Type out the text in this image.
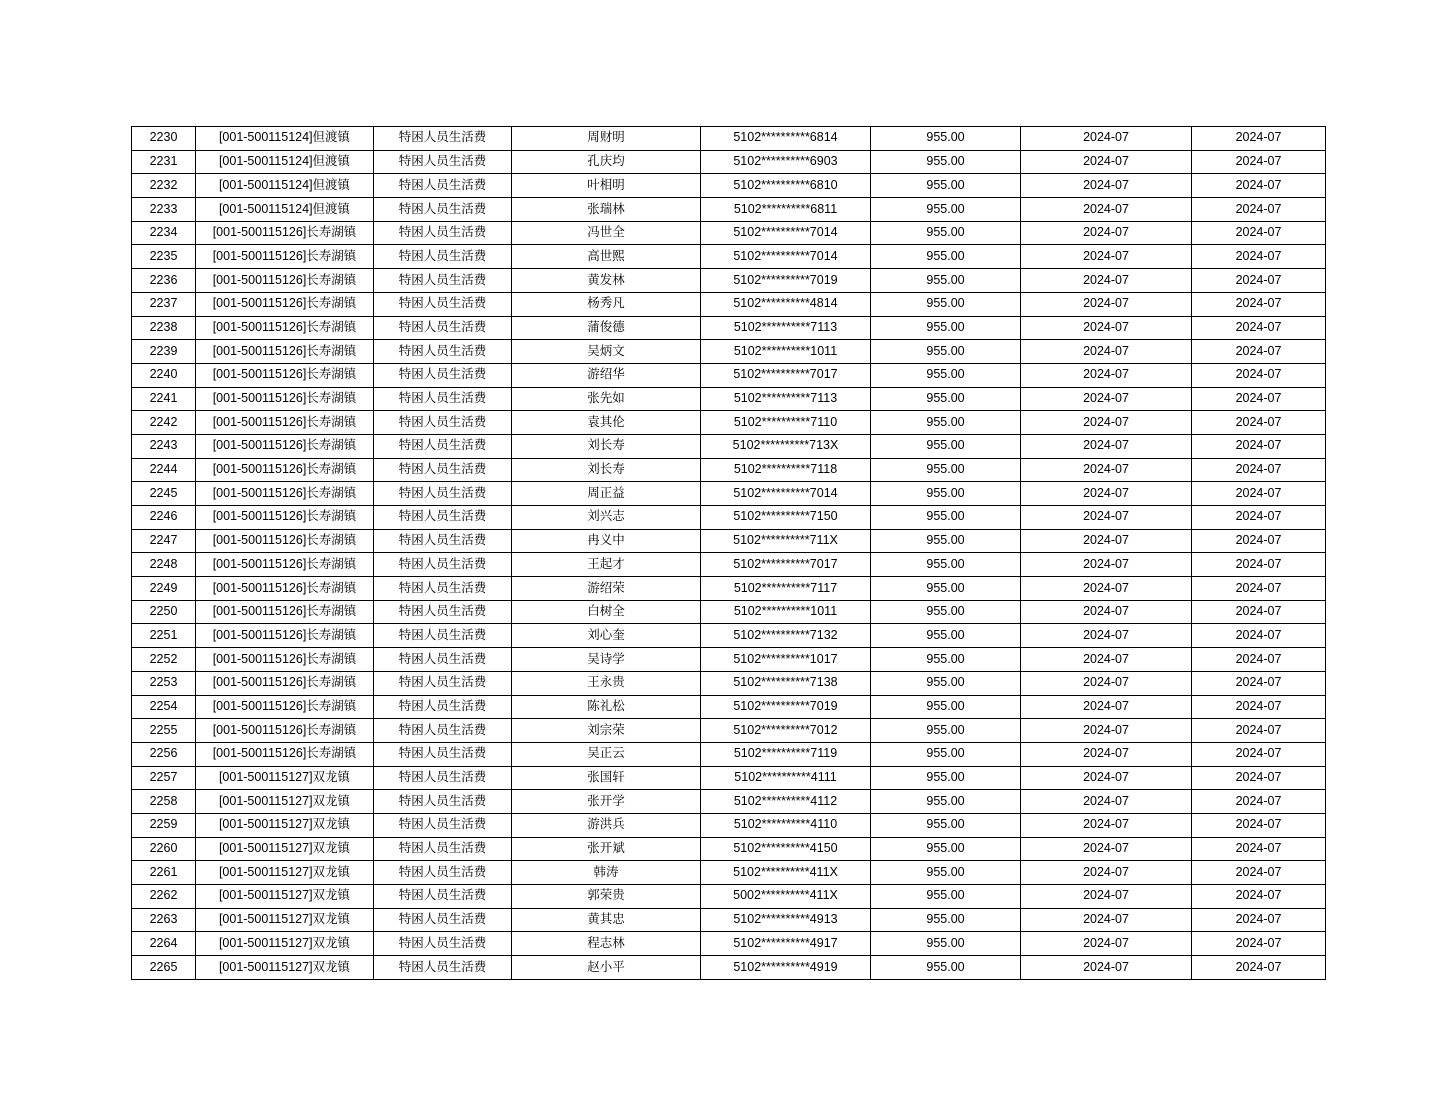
2230	[001-500115124]但渡镇	特困人员生活费	周财明	5102**********6814	955.00	2024-07	2024-07
2231	[001-500115124]但渡镇	特困人员生活费	孔庆均	5102**********6903	955.00	2024-07	2024-07
2232	[001-500115124]但渡镇	特困人员生活费	叶相明	5102**********6810	955.00	2024-07	2024-07
2233	[001-500115124]但渡镇	特困人员生活费	张瑞林	5102**********6811	955.00	2024-07	2024-07
2234	[001-500115126]长寿湖镇	特困人员生活费	冯世全	5102**********7014	955.00	2024-07	2024-07
2235	[001-500115126]长寿湖镇	特困人员生活费	高世熙	5102**********7014	955.00	2024-07	2024-07
2236	[001-500115126]长寿湖镇	特困人员生活费	黄发林	5102**********7019	955.00	2024-07	2024-07
2237	[001-500115126]长寿湖镇	特困人员生活费	杨秀凡	5102**********4814	955.00	2024-07	2024-07
2238	[001-500115126]长寿湖镇	特困人员生活费	蒲俊德	5102**********7113	955.00	2024-07	2024-07
2239	[001-500115126]长寿湖镇	特困人员生活费	吴炳文	5102**********1011	955.00	2024-07	2024-07
2240	[001-500115126]长寿湖镇	特困人员生活费	游绍华	5102**********7017	955.00	2024-07	2024-07
2241	[001-500115126]长寿湖镇	特困人员生活费	张先如	5102**********7113	955.00	2024-07	2024-07
2242	[001-500115126]长寿湖镇	特困人员生活费	袁其伦	5102**********7110	955.00	2024-07	2024-07
2243	[001-500115126]长寿湖镇	特困人员生活费	刘长寿	5102**********713X	955.00	2024-07	2024-07
2244	[001-500115126]长寿湖镇	特困人员生活费	刘长寿	5102**********7118	955.00	2024-07	2024-07
2245	[001-500115126]长寿湖镇	特困人员生活费	周正益	5102**********7014	955.00	2024-07	2024-07
2246	[001-500115126]长寿湖镇	特困人员生活费	刘兴志	5102**********7150	955.00	2024-07	2024-07
2247	[001-500115126]长寿湖镇	特困人员生活费	冉义中	5102**********711X	955.00	2024-07	2024-07
2248	[001-500115126]长寿湖镇	特困人员生活费	王起才	5102**********7017	955.00	2024-07	2024-07
2249	[001-500115126]长寿湖镇	特困人员生活费	游绍荣	5102**********7117	955.00	2024-07	2024-07
2250	[001-500115126]长寿湖镇	特困人员生活费	白树全	5102**********1011	955.00	2024-07	2024-07
2251	[001-500115126]长寿湖镇	特困人员生活费	刘心奎	5102**********7132	955.00	2024-07	2024-07
2252	[001-500115126]长寿湖镇	特困人员生活费	吴诗学	5102**********1017	955.00	2024-07	2024-07
2253	[001-500115126]长寿湖镇	特困人员生活费	王永贵	5102**********7138	955.00	2024-07	2024-07
2254	[001-500115126]长寿湖镇	特困人员生活费	陈礼松	5102**********7019	955.00	2024-07	2024-07
2255	[001-500115126]长寿湖镇	特困人员生活费	刘宗荣	5102**********7012	955.00	2024-07	2024-07
2256	[001-500115126]长寿湖镇	特困人员生活费	吴正云	5102**********7119	955.00	2024-07	2024-07
2257	[001-500115127]双龙镇	特困人员生活费	张国轩	5102**********4111	955.00	2024-07	2024-07
2258	[001-500115127]双龙镇	特困人员生活费	张开学	5102**********4112	955.00	2024-07	2024-07
2259	[001-500115127]双龙镇	特困人员生活费	游洪兵	5102**********4110	955.00	2024-07	2024-07
2260	[001-500115127]双龙镇	特困人员生活费	张开斌	5102**********4150	955.00	2024-07	2024-07
2261	[001-500115127]双龙镇	特困人员生活费	韩涛	5102**********411X	955.00	2024-07	2024-07
2262	[001-500115127]双龙镇	特困人员生活费	郭荣贵	5002**********411X	955.00	2024-07	2024-07
2263	[001-500115127]双龙镇	特困人员生活费	黄其忠	5102**********4913	955.00	2024-07	2024-07
2264	[001-500115127]双龙镇	特困人员生活费	程志林	5102**********4917	955.00	2024-07	2024-07
2265	[001-500115127]双龙镇	特困人员生活费	赵小平	5102**********4919	955.00	2024-07	2024-07
